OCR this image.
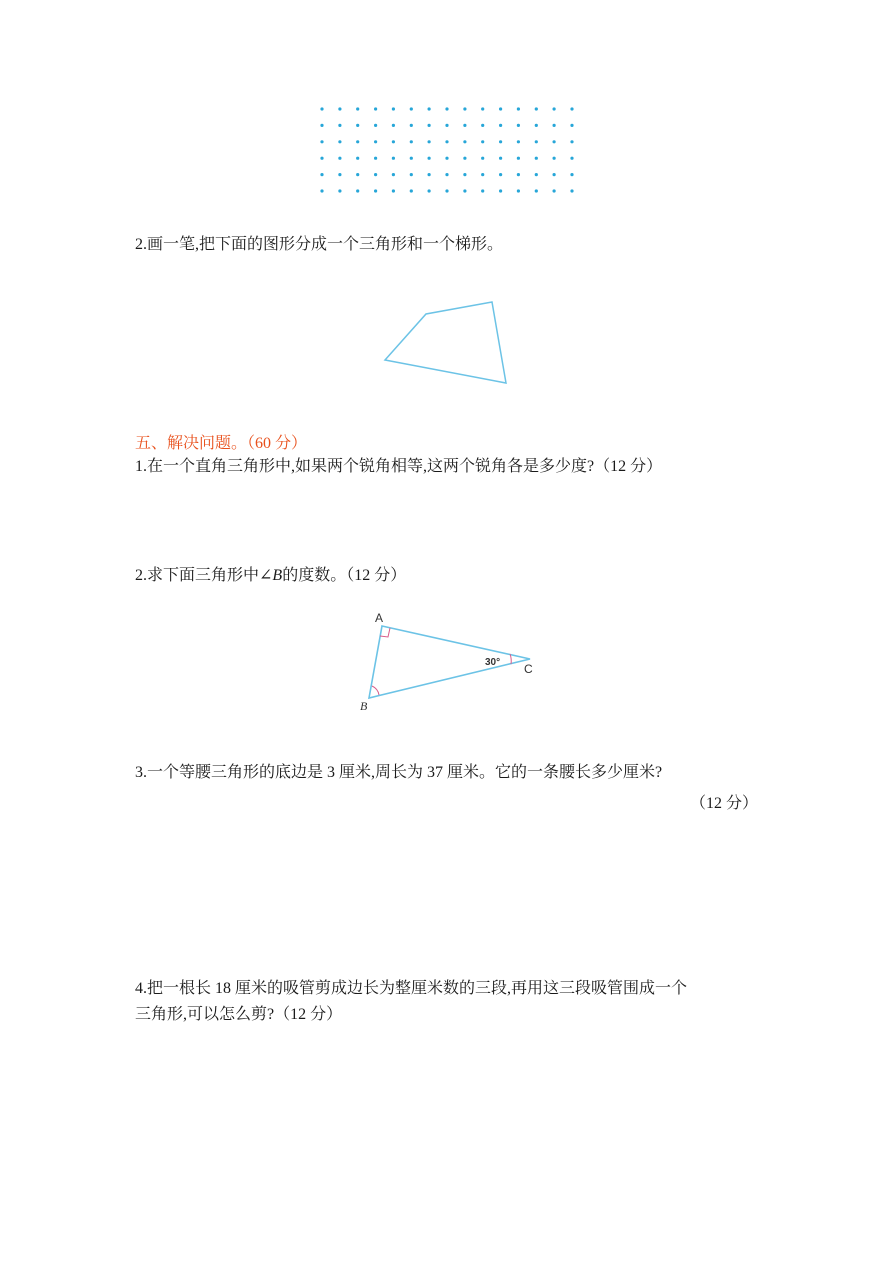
2.画一笔,把下面的图形分成一个三角形和一个梯形。
五、解决问题。（60 分）
1.在一个直角三角形中,如果两个锐角相等,这两个锐角各是多少度?（12 分）
2.求下面三角形中∠B的度数。（12 分）
A
B
C
30°
3.一个等腰三角形的底边是 3 厘米,周长为 37 厘米。它的一条腰长多少厘米?
（12 分）
4.把一根长 18 厘米的吸管剪成边长为整厘米数的三段,再用这三段吸管围成一个
三角形,可以怎么剪?（12 分）
